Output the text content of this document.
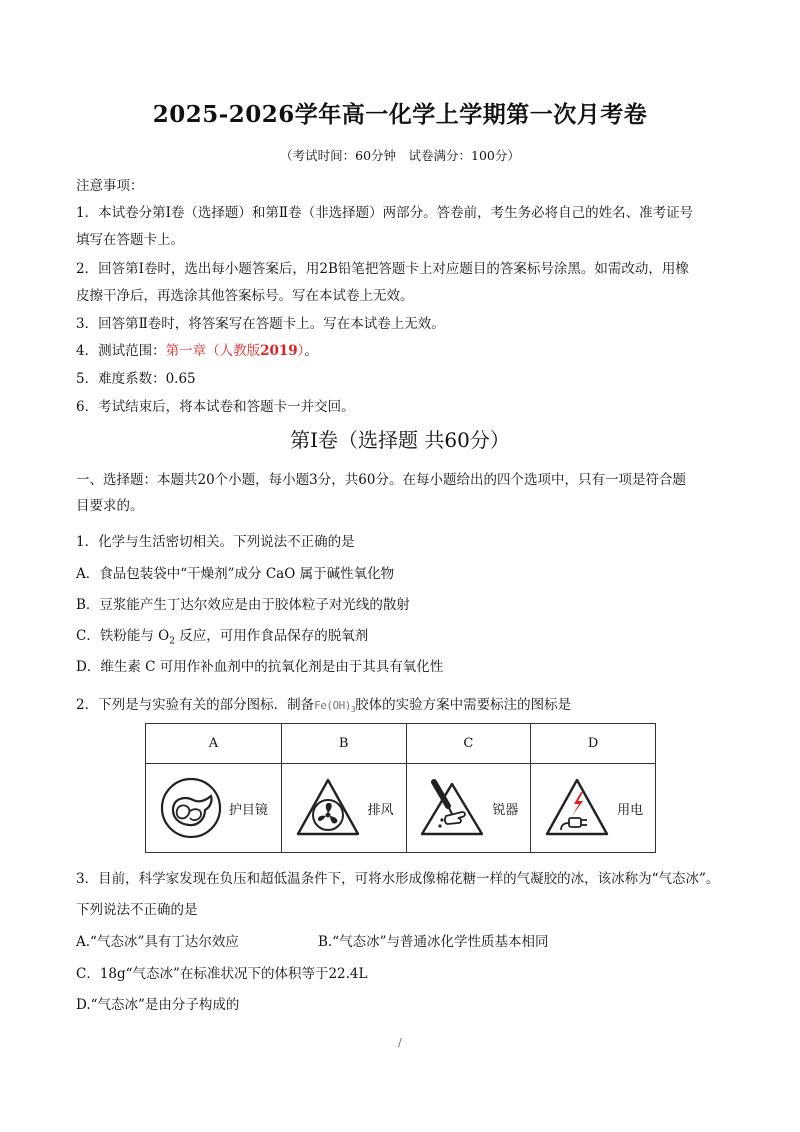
2025-2026学年高一化学上学期第一次月考卷
（考试时间：60分钟　试卷满分：100分）
注意事项：
1．本试卷分第Ⅰ卷（选择题）和第Ⅱ卷（非选择题）两部分。答卷前，考生务必将自己的姓名、准考证号
填写在答题卡上。
2．回答第Ⅰ卷时，选出每小题答案后，用2B铅笔把答题卡上对应题目的答案标号涂黑。如需改动，用橡
皮擦干净后，再选涂其他答案标号。写在本试卷上无效。
3．回答第Ⅱ卷时，将答案写在答题卡上。写在本试卷上无效。
4．测试范围：第一章（人教版2019）。
5．难度系数：0.65
6．考试结束后，将本试卷和答题卡一并交回。
第Ⅰ卷（选择题 共60分）
一、选择题：本题共20个小题，每小题3分，共60分。在每小题给出的四个选项中，只有一项是符合题
目要求的。
1．化学与生活密切相关。下列说法不正确的是
A．食品包装袋中“干燥剂”成分 CaO 属于碱性氧化物
B．豆浆能产生丁达尔效应是由于胶体粒子对光线的散射
C．铁粉能与 $O_2$ 反应，可用作食品保存的脱氧剂
D．维生素 C 可用作补血剂中的抗氧化剂是由于其具有氧化性
2．下列是与实验有关的部分图标．制备$Fe(OH)_3$胶体的实验方案中需要标注的图标是
A	B	C	D

护目镜	排风	锐器	用电
3．目前，科学家发现在负压和超低温条件下，可将水形成像棉花糖一样的气凝胶的冰，该冰称为“气态冰”。
下列说法不正确的是
A.“气态冰”具有丁达尔效应	B.“气态冰”与普通冰化学性质基本相同
C．18g“气态冰”在标准状况下的体积等于22.4L
D.“气态冰”是由分子构成的
/
